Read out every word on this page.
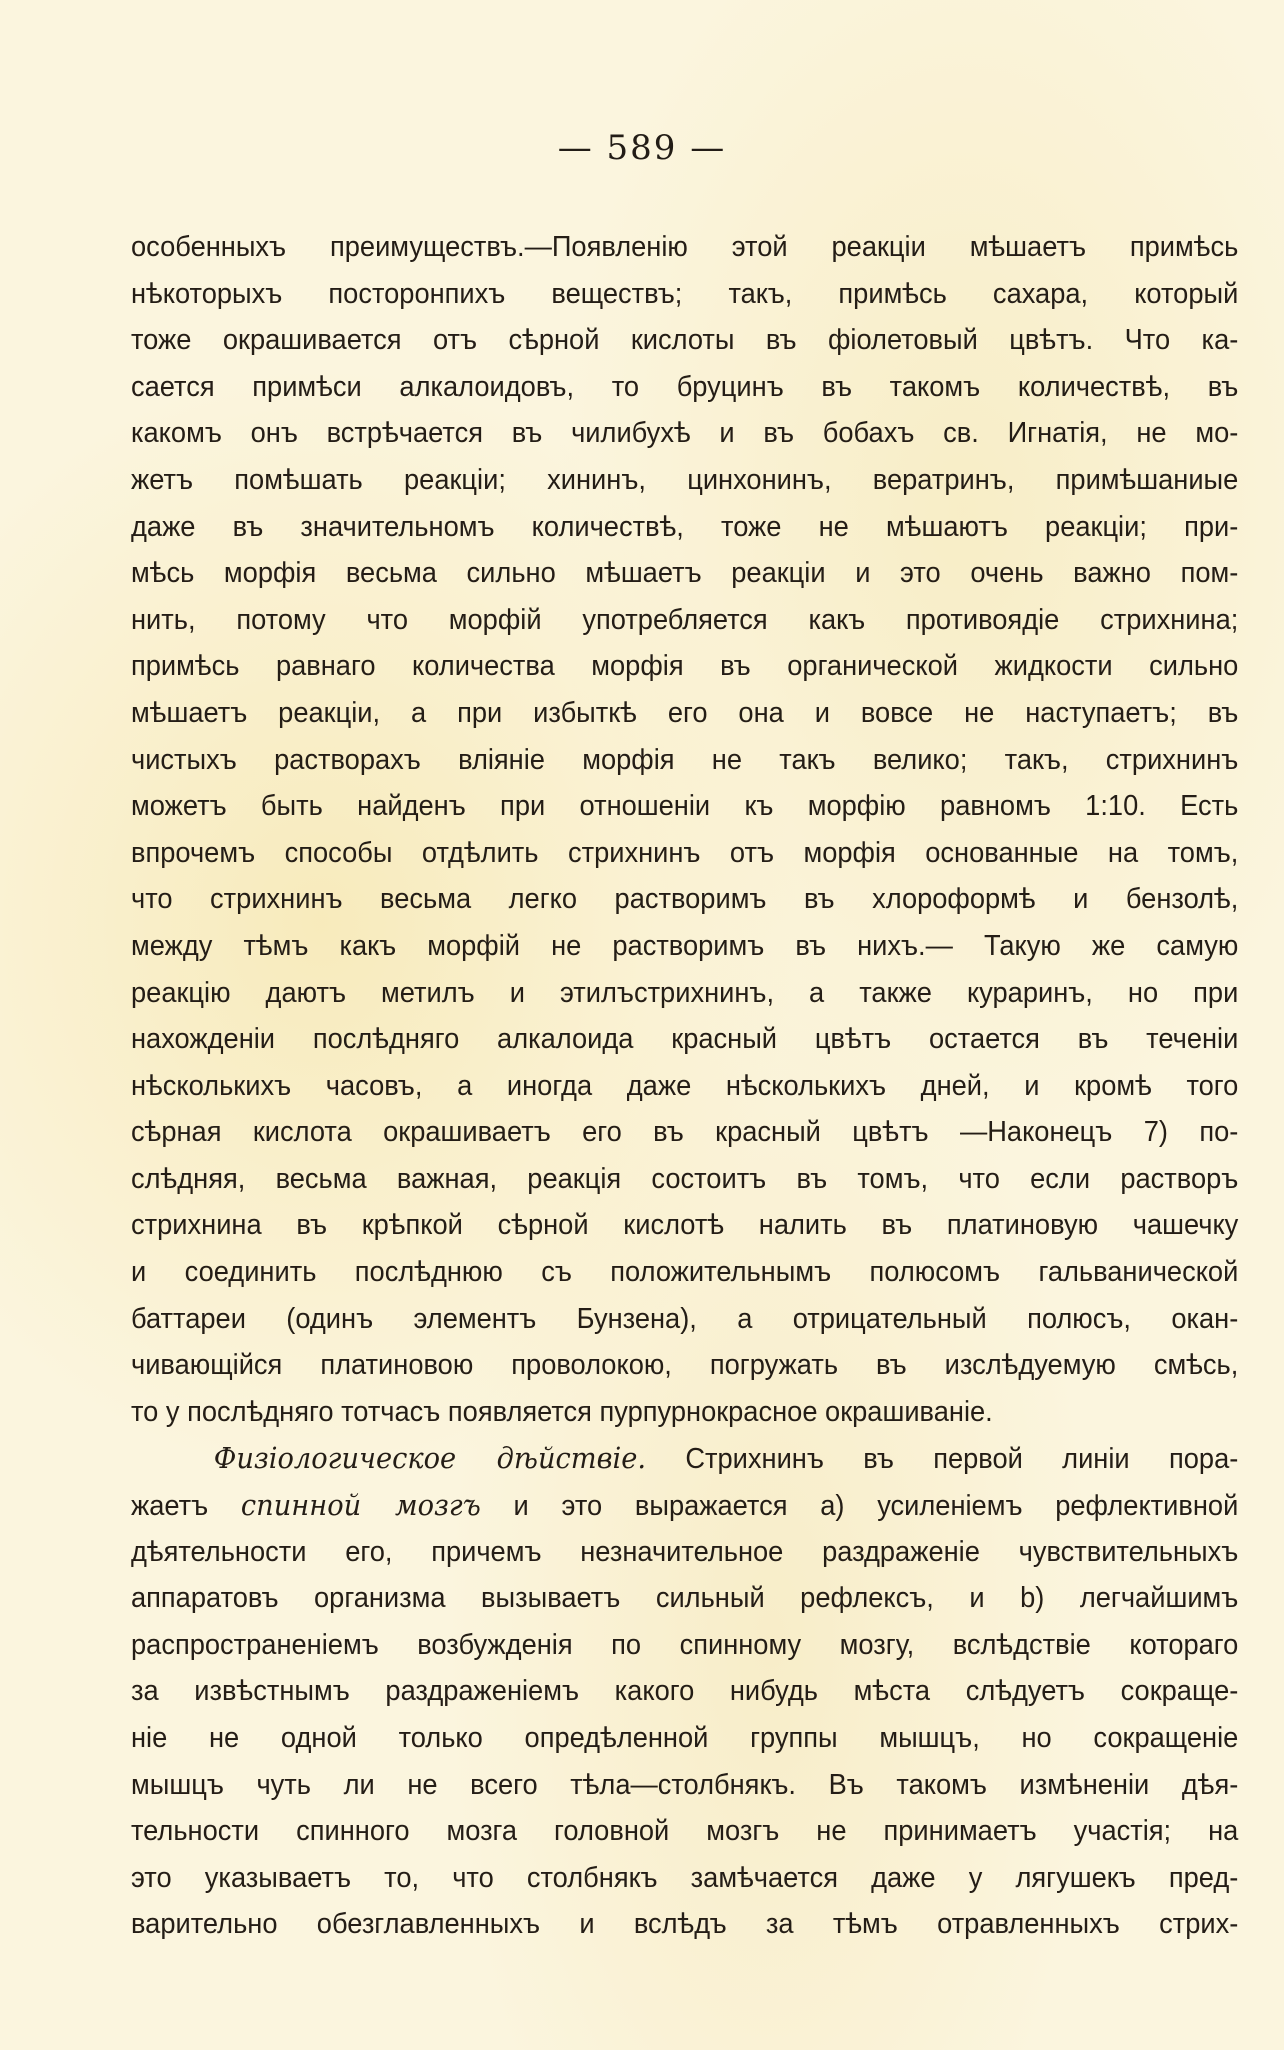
— 589 —
особенныхъ преимуществъ.—Появленію этой реакціи мѣшаетъ примѣсь
нѣкоторыхъ посторонпихъ веществъ; такъ, примѣсь сахара, который
тоже окрашивается отъ сѣрной кислоты въ фіолетовый цвѣтъ. Что ка-
сается примѣси алкалоидовъ, то бруцинъ въ такомъ количествѣ, въ
какомъ онъ встрѣчается въ чилибухѣ и въ бобахъ св. Игнатія, не мо-
жетъ помѣшать реакціи; хининъ, цинхонинъ, вератринъ, примѣшаниые
даже въ значительномъ количествѣ, тоже не мѣшаютъ реакціи; при-
мѣсь морфія весьма сильно мѣшаетъ реакціи и это очень важно пом-
нить, потому что морфій употребляется какъ противоядіе стрихнина;
примѣсь равнаго количества морфія въ органической жидкости сильно
мѣшаетъ реакціи, а при избыткѣ его она и вовсе не наступаетъ; въ
чистыхъ растворахъ вліяніе морфія не такъ велико; такъ, стрихнинъ
можетъ быть найденъ при отношеніи къ морфію равномъ 1:10. Есть
впрочемъ способы отдѣлить стрихнинъ отъ морфія основанные на томъ,
что стрихнинъ весьма легко растворимъ въ хлороформѣ и бензолѣ,
между тѣмъ какъ морфій не растворимъ въ нихъ.— Такую же самую
реакцію даютъ метилъ и этилъстрихнинъ, а также кураринъ, но при
нахожденіи послѣдняго алкалоида красный цвѣтъ остается въ теченіи
нѣсколькихъ часовъ, а иногда даже нѣсколькихъ дней, и кромѣ того
сѣрная кислота окрашиваетъ его въ красный цвѣтъ —Наконецъ 7) по-
слѣдняя, весьма важная, реакція состоитъ въ томъ, что если растворъ
стрихнина въ крѣпкой сѣрной кислотѣ налить въ платиновую чашечку
и соединить послѣднюю съ положительнымъ полюсомъ гальванической
баттареи (одинъ элементъ Бунзена), а отрицательный полюсъ, окан-
чивающійся платиновою проволокою, погружать въ изслѣдуемую смѣсь,
то у послѣдняго тотчасъ появляется пурпурнокрасное окрашиваніе.
Физіологическое дѣйствіе. Стрихнинъ въ первой линіи пора-
жаетъ спинной мозгъ и это выражается a) усиленіемъ рефлективной
дѣятельности его, причемъ незначительное раздраженіе чувствительныхъ
аппаратовъ организма вызываетъ сильный рефлексъ, и b) легчайшимъ
распространеніемъ возбужденія по спинному мозгу, вслѣдствіе котораго
за извѣстнымъ раздраженіемъ какого нибудь мѣста слѣдуетъ сокраще-
ніе не одной только опредѣленной группы мышцъ, но сокращеніе
мышцъ чуть ли не всего тѣла—столбнякъ. Въ такомъ измѣненіи дѣя-
тельности спинного мозга головной мозгъ не принимаетъ участія; на
это указываетъ то, что столбнякъ замѣчается даже у лягушекъ пред-
варительно обезглавленныхъ и вслѣдъ за тѣмъ отравленныхъ стрих-
